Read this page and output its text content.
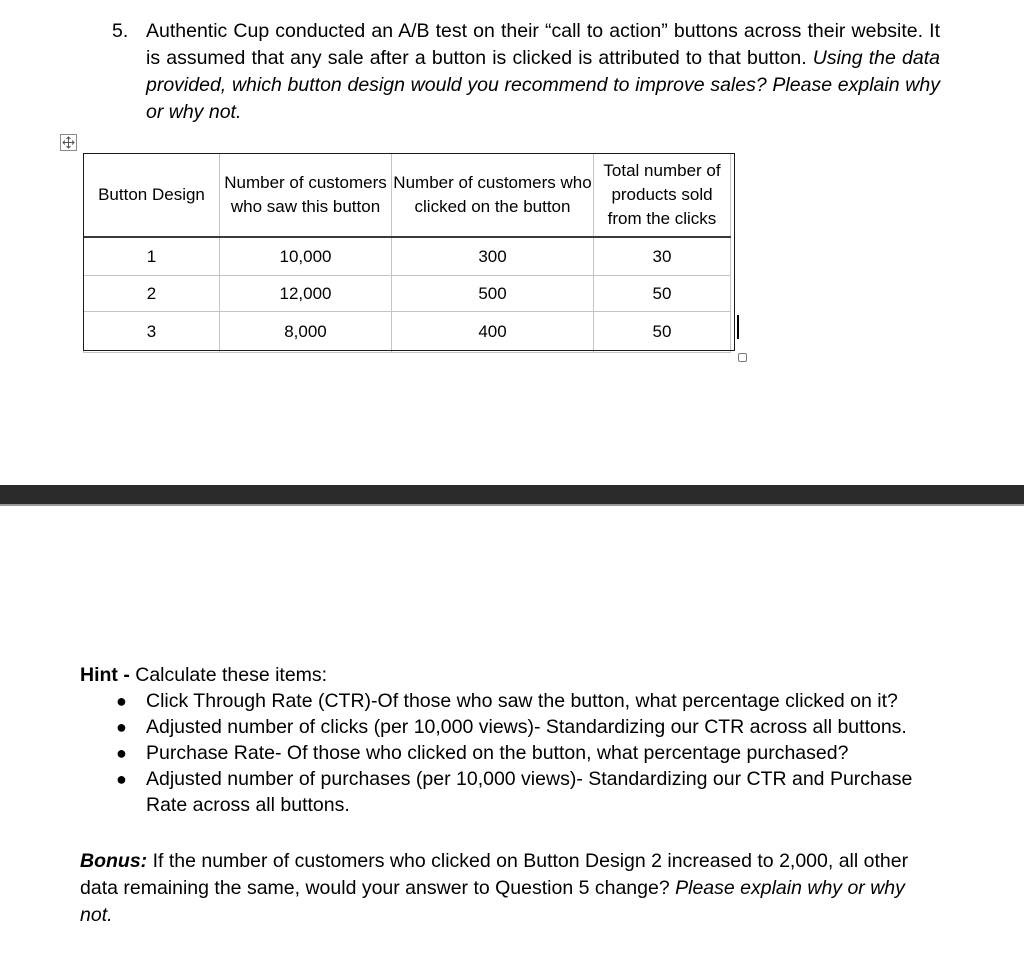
5. Authentic Cup conducted an A/B test on their “call to action” buttons across their website. It is assumed that any sale after a button is clicked is attributed to that button. Using the data provided, which button design would you recommend to improve sales? Please explain why or why not.
Button Design	Number of customers who saw this button	Number of customers who clicked on the button	Total number of products sold from the clicks
1	10,000	300	30
2	12,000	500	50
3	8,000	400	50
Hint - Calculate these items:
● Click Through Rate (CTR)-Of those who saw the button, what percentage clicked on it?
● Adjusted number of clicks (per 10,000 views)- Standardizing our CTR across all buttons.
● Purchase Rate- Of those who clicked on the button, what percentage purchased?
● Adjusted number of purchases (per 10,000 views)- Standardizing our CTR and Purchase Rate across all buttons.
Bonus: If the number of customers who clicked on Button Design 2 increased to 2,000, all other data remaining the same, would your answer to Question 5 change? Please explain why or why not.
